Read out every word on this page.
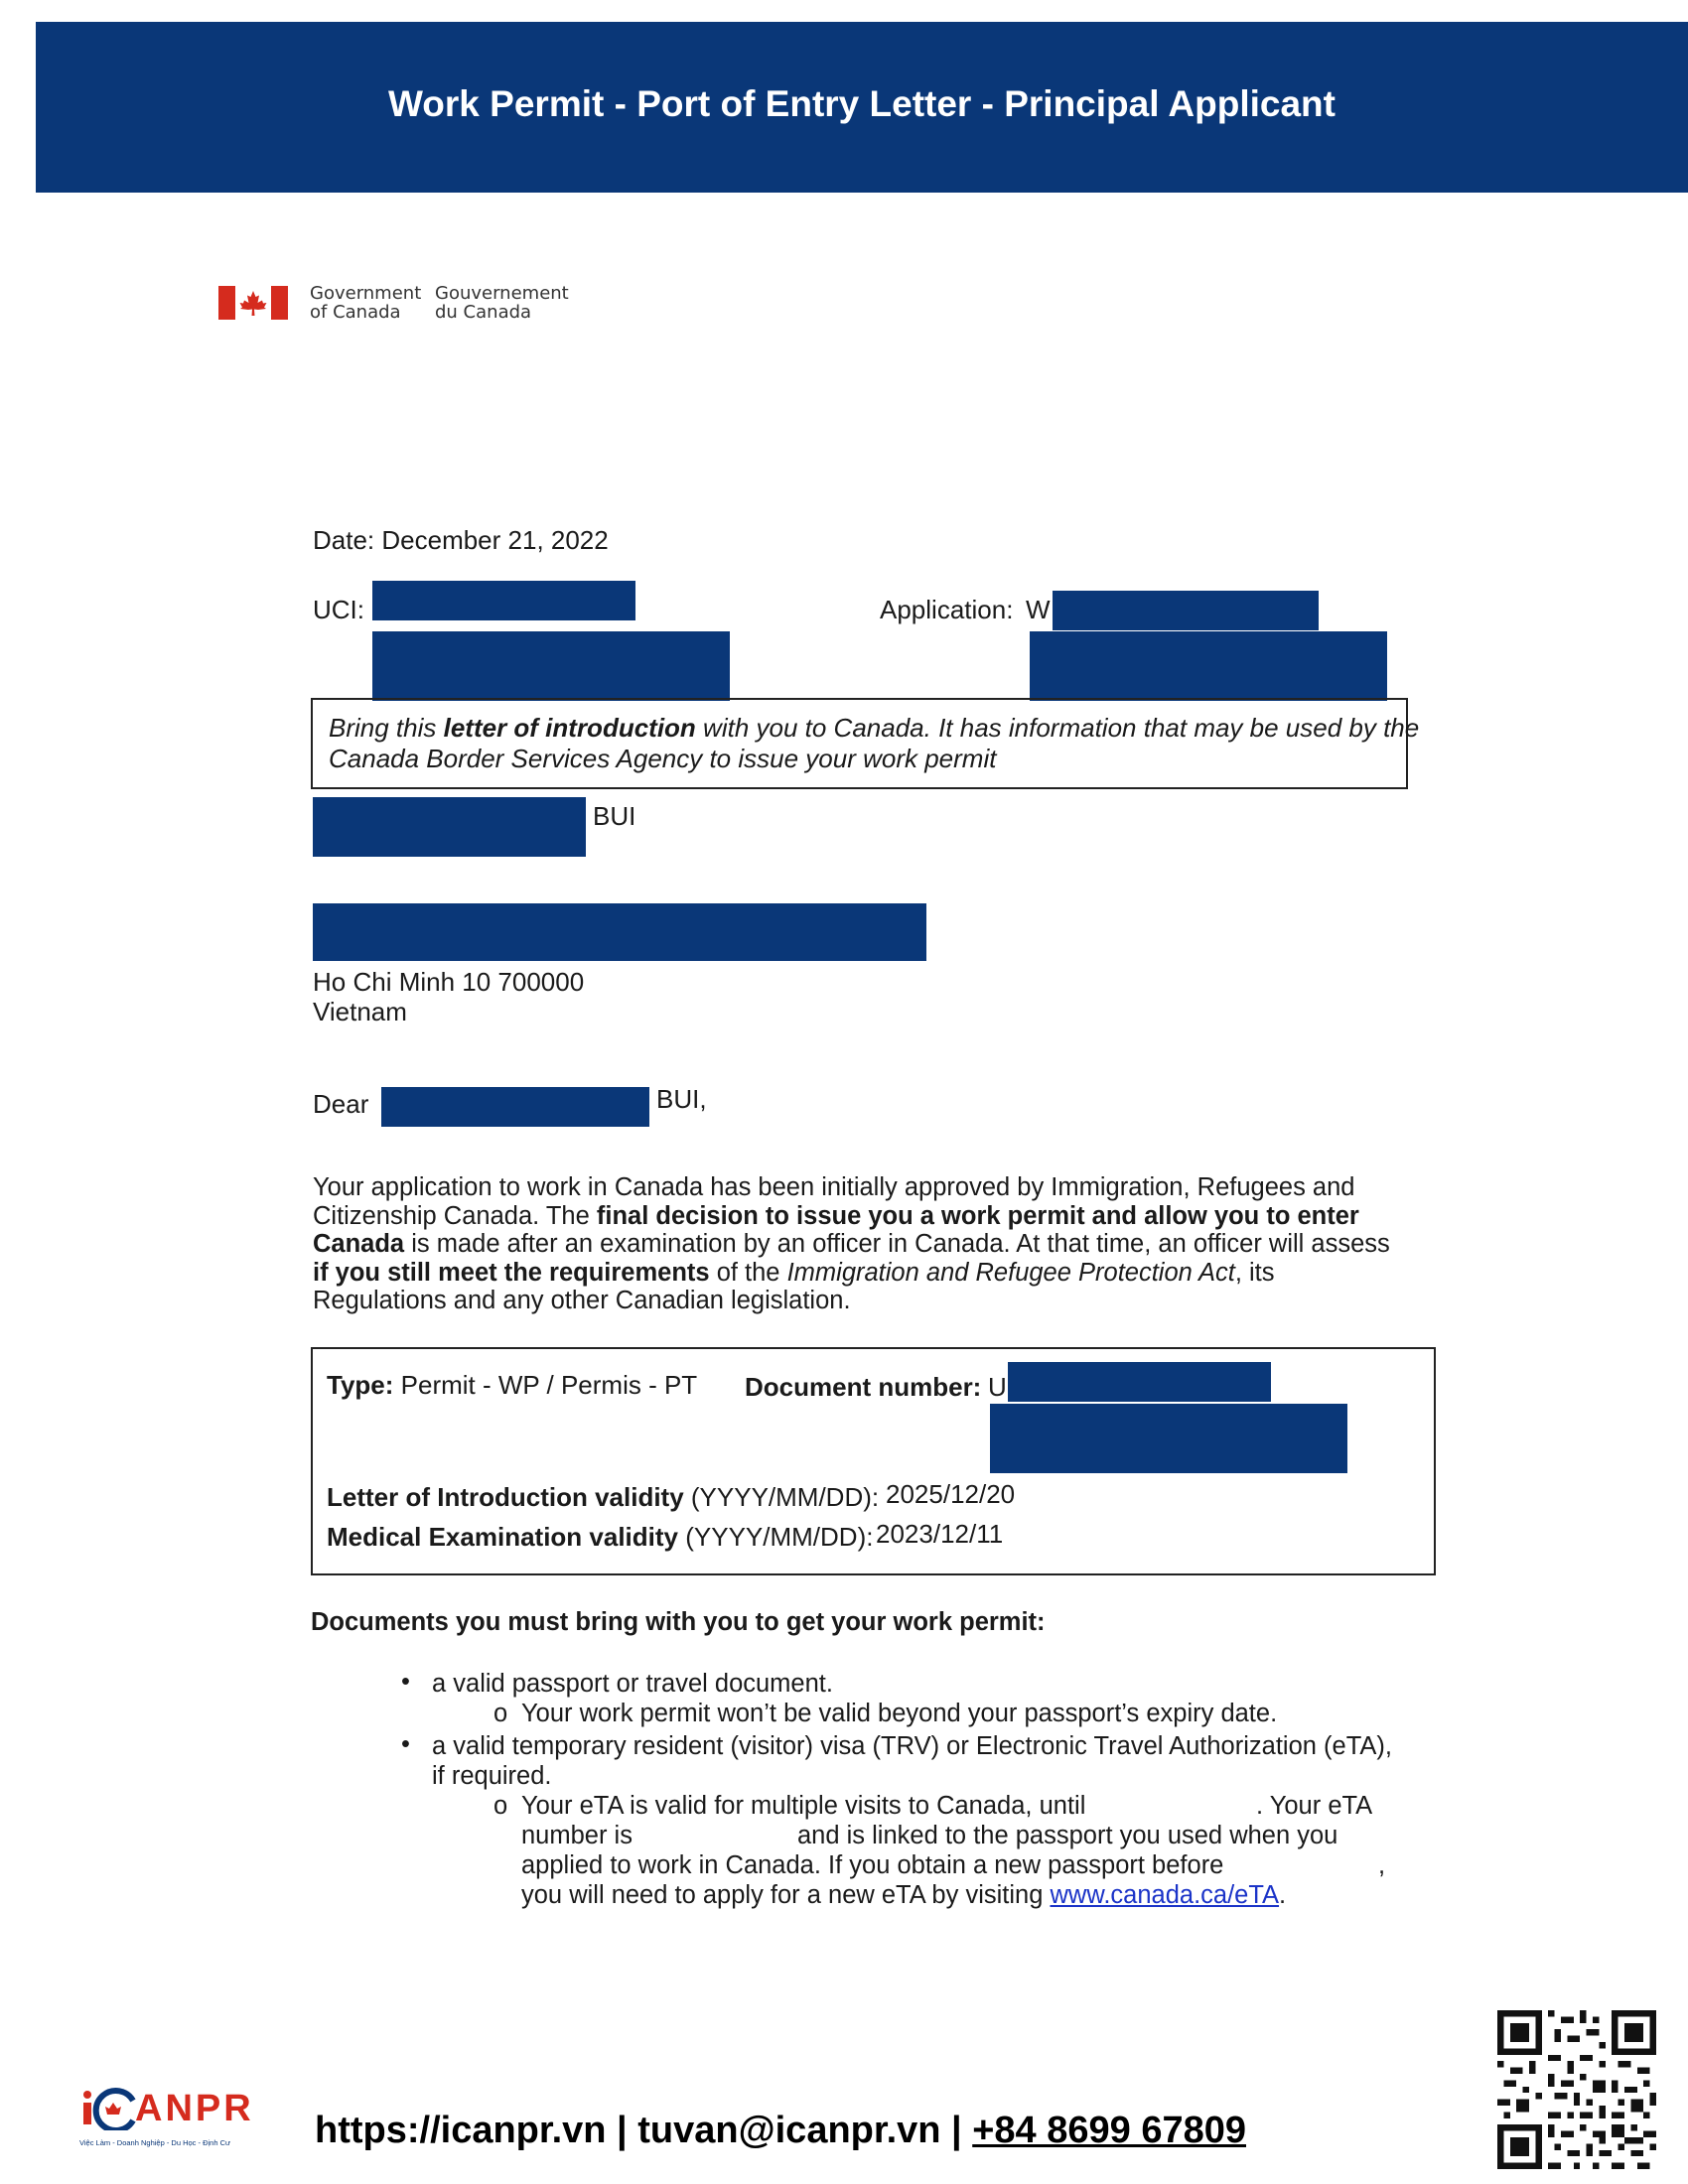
Work Permit - Port of Entry Letter - Principal Applicant
Government
of Canada
Gouvernement
du Canada
Date: December 21, 2022
UCI:	Application: W
Bring this letter of introduction with you to Canada. It has information that may be used by the
Canada Border Services Agency to issue your work permit
BUI
Ho Chi Minh 10 700000
Vietnam
Dear	BUI,
Your application to work in Canada has been initially approved by Immigration, Refugees and
Citizenship Canada. The final decision to issue you a work permit and allow you to enter
Canada is made after an examination by an officer in Canada. At that time, an officer will assess
if you still meet the requirements of the Immigration and Refugee Protection Act, its
Regulations and any other Canadian legislation.
Type: Permit - WP / Permis - PT Document number: U
Letter of Introduction validity (YYYY/MM/DD): 2025/12/20
Medical Examination validity (YYYY/MM/DD): 2023/12/11
Documents you must bring with you to get your work permit:
• a valid passport or travel document.
o Your work permit won’t be valid beyond your passport’s expiry date.
• a valid temporary resident (visitor) visa (TRV) or Electronic Travel Authorization (eTA),
if required.
o Your eTA is valid for multiple visits to Canada, until	. Your eTA
number is	and is linked to the passport you used when you
applied to work in Canada. If you obtain a new passport before	,
you will need to apply for a new eTA by visiting www.canada.ca/eTA.
ANPR
Việc Làm - Doanh Nghiệp - Du Học - Định Cư	https://icanpr.vn | tuvan@icanpr.vn | +84 8699 67809
